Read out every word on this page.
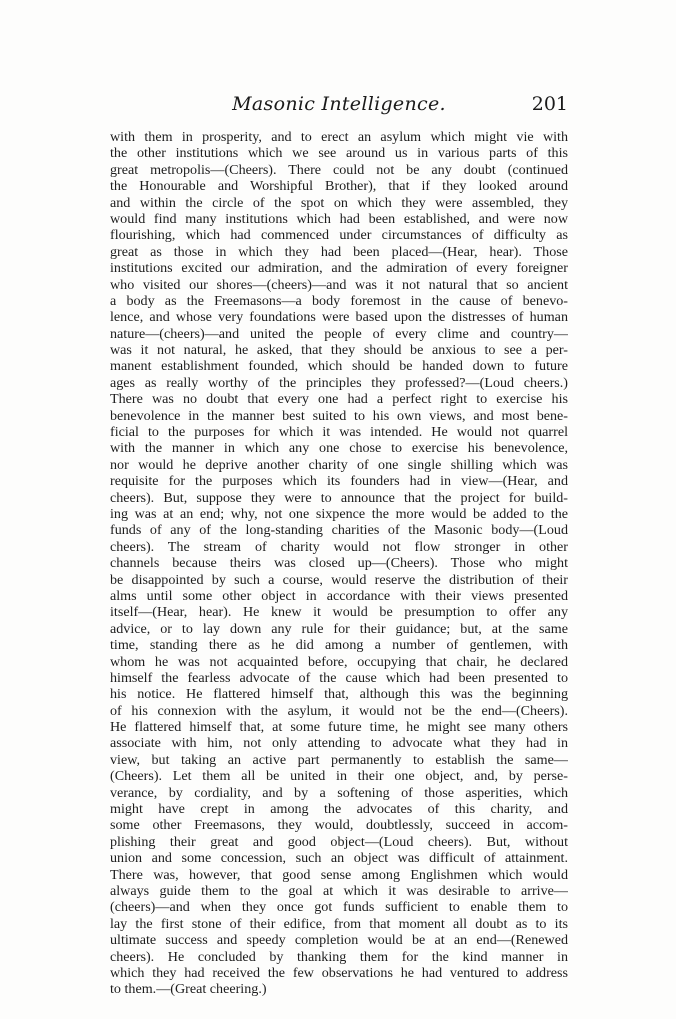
Masonic Intelligence.	201
with them in prosperity, and to erect an asylum which might vie with
the other institutions which we see around us in various parts of this
great metropolis—(Cheers). There could not be any doubt (continued
the Honourable and Worshipful Brother), that if they looked around
and within the circle of the spot on which they were assembled, they
would find many institutions which had been established, and were now
flourishing, which had commenced under circumstances of difficulty as
great as those in which they had been placed—(Hear, hear). Those
institutions excited our admiration, and the admiration of every foreigner
who visited our shores—(cheers)—and was it not natural that so ancient
a body as the Freemasons—a body foremost in the cause of benevo-
lence, and whose very foundations were based upon the distresses of human
nature—(cheers)—and united the people of every clime and country—
was it not natural, he asked, that they should be anxious to see a per-
manent establishment founded, which should be handed down to future
ages as really worthy of the principles they professed?—(Loud cheers.)
There was no doubt that every one had a perfect right to exercise his
benevolence in the manner best suited to his own views, and most bene-
ficial to the purposes for which it was intended. He would not quarrel
with the manner in which any one chose to exercise his benevolence,
nor would he deprive another charity of one single shilling which was
requisite for the purposes which its founders had in view—(Hear, and
cheers). But, suppose they were to announce that the project for build-
ing was at an end; why, not one sixpence the more would be added to the
funds of any of the long-standing charities of the Masonic body—(Loud
cheers). The stream of charity would not flow stronger in other
channels because theirs was closed up—(Cheers). Those who might
be disappointed by such a course, would reserve the distribution of their
alms until some other object in accordance with their views presented
itself—(Hear, hear). He knew it would be presumption to offer any
advice, or to lay down any rule for their guidance; but, at the same
time, standing there as he did among a number of gentlemen, with
whom he was not acquainted before, occupying that chair, he declared
himself the fearless advocate of the cause which had been presented to
his notice. He flattered himself that, although this was the beginning
of his connexion with the asylum, it would not be the end—(Cheers).
He flattered himself that, at some future time, he might see many others
associate with him, not only attending to advocate what they had in
view, but taking an active part permanently to establish the same—
(Cheers). Let them all be united in their one object, and, by perse-
verance, by cordiality, and by a softening of those asperities, which
might have crept in among the advocates of this charity, and
some other Freemasons, they would, doubtlessly, succeed in accom-
plishing their great and good object—(Loud cheers). But, without
union and some concession, such an object was difficult of attainment.
There was, however, that good sense among Englishmen which would
always guide them to the goal at which it was desirable to arrive—
(cheers)—and when they once got funds sufficient to enable them to
lay the first stone of their edifice, from that moment all doubt as to its
ultimate success and speedy completion would be at an end—(Renewed
cheers). He concluded by thanking them for the kind manner in
which they had received the few observations he had ventured to address
to them.—(Great cheering.)
